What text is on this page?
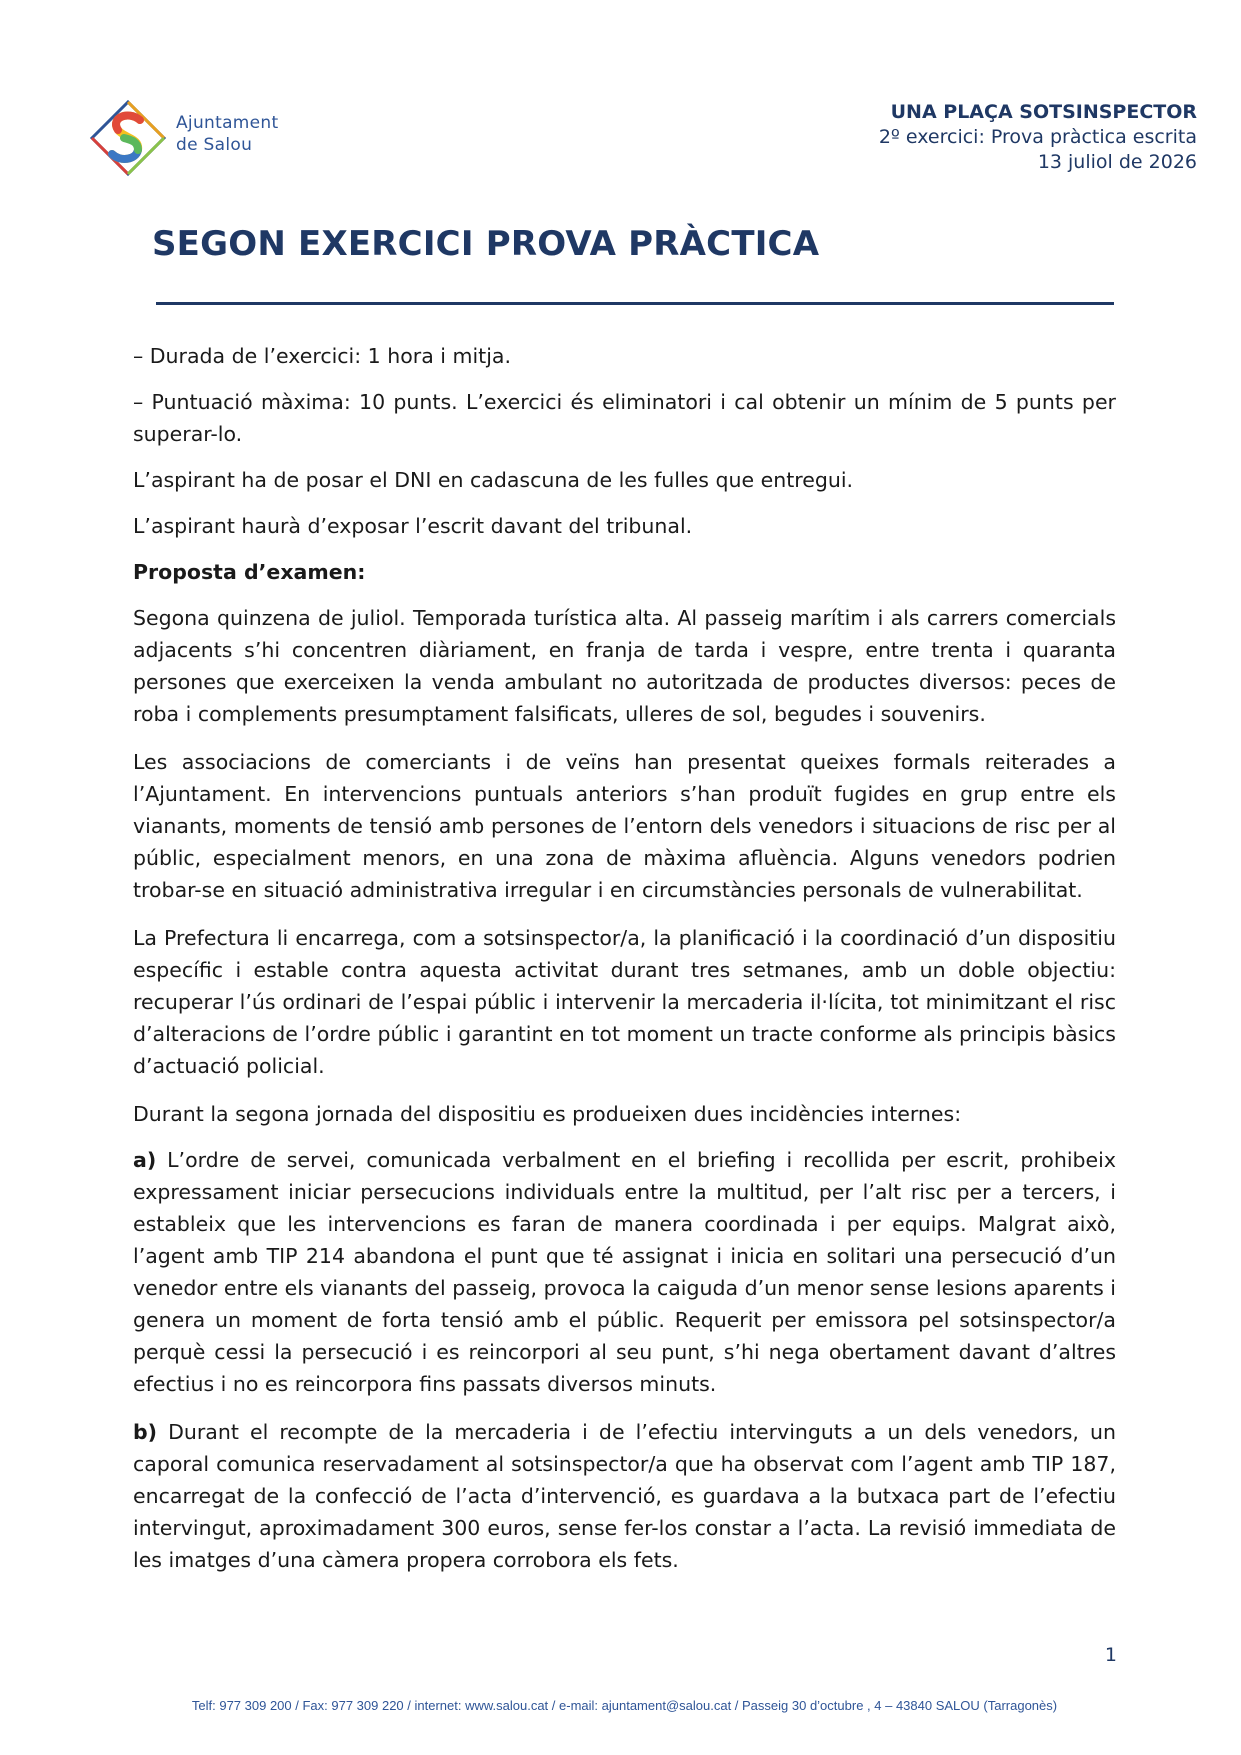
Ajuntament
de Salou
UNA PLAÇA SOTSINSPECTOR
2º exercici: Prova pràctica escrita
13 juliol de 2026
SEGON EXERCICI PROVA PRÀCTICA

– Durada de l’exercici: 1 hora i mitja.

– Puntuació màxima: 10 punts. L’exercici és eliminatori i cal obtenir un mínim de 5 punts per superar-lo.

L’aspirant ha de posar el DNI en cadascuna de les fulles que entregui.

L’aspirant haurà d’exposar l’escrit davant del tribunal.

Proposta d’examen:

Segona quinzena de juliol. Temporada turística alta. Al passeig marítim i als carrers comercials adjacents s’hi concentren diàriament, en franja de tarda i vespre, entre trenta i quaranta persones que exerceixen la venda ambulant no autoritzada de productes diversos: peces de roba i complements presumptament falsificats, ulleres de sol, begudes i souvenirs.

Les associacions de comerciants i de veïns han presentat queixes formals reiterades a l’Ajuntament. En intervencions puntuals anteriors s’han produït fugides en grup entre els vianants, moments de tensió amb persones de l’entorn dels venedors i situacions de risc per al públic, especialment menors, en una zona de màxima afluència. Alguns venedors podrien trobar-se en situació administrativa irregular i en circumstàncies personals de vulnerabilitat.

La Prefectura li encarrega, com a sotsinspector/a, la planificació i la coordinació d’un dispositiu específic i estable contra aquesta activitat durant tres setmanes, amb un doble objectiu: recuperar l’ús ordinari de l’espai públic i intervenir la mercaderia il·lícita, tot minimitzant el risc d’alteracions de l’ordre públic i garantint en tot moment un tracte conforme als principis bàsics d’actuació policial.

Durant la segona jornada del dispositiu es produeixen dues incidències internes:

a) L’ordre de servei, comunicada verbalment en el briefing i recollida per escrit, prohibeix expressament iniciar persecucions individuals entre la multitud, per l’alt risc per a tercers, i estableix que les intervencions es faran de manera coordinada i per equips. Malgrat això, l’agent amb TIP 214 abandona el punt que té assignat i inicia en solitari una persecució d’un venedor entre els vianants del passeig, provoca la caiguda d’un menor sense lesions aparents i genera un moment de forta tensió amb el públic. Requerit per emissora pel sotsinspector/a perquè cessi la persecució i es reincorpori al seu punt, s’hi nega obertament davant d’altres efectius i no es reincorpora fins passats diversos minuts.

b) Durant el recompte de la mercaderia i de l’efectiu intervinguts a un dels venedors, un caporal comunica reservadament al sotsinspector/a que ha observat com l’agent amb TIP 187, encarregat de la confecció de l’acta d’intervenció, es guardava a la butxaca part de l’efectiu intervingut, aproximadament 300 euros, sense fer-los constar a l’acta. La revisió immediata de les imatges d’una càmera propera corrobora els fets.

1
Telf: 977 309 200 / Fax: 977 309 220 / internet: www.salou.cat / e-mail: ajuntament@salou.cat / Passeig 30 d’octubre , 4 – 43840 SALOU (Tarragonès)
